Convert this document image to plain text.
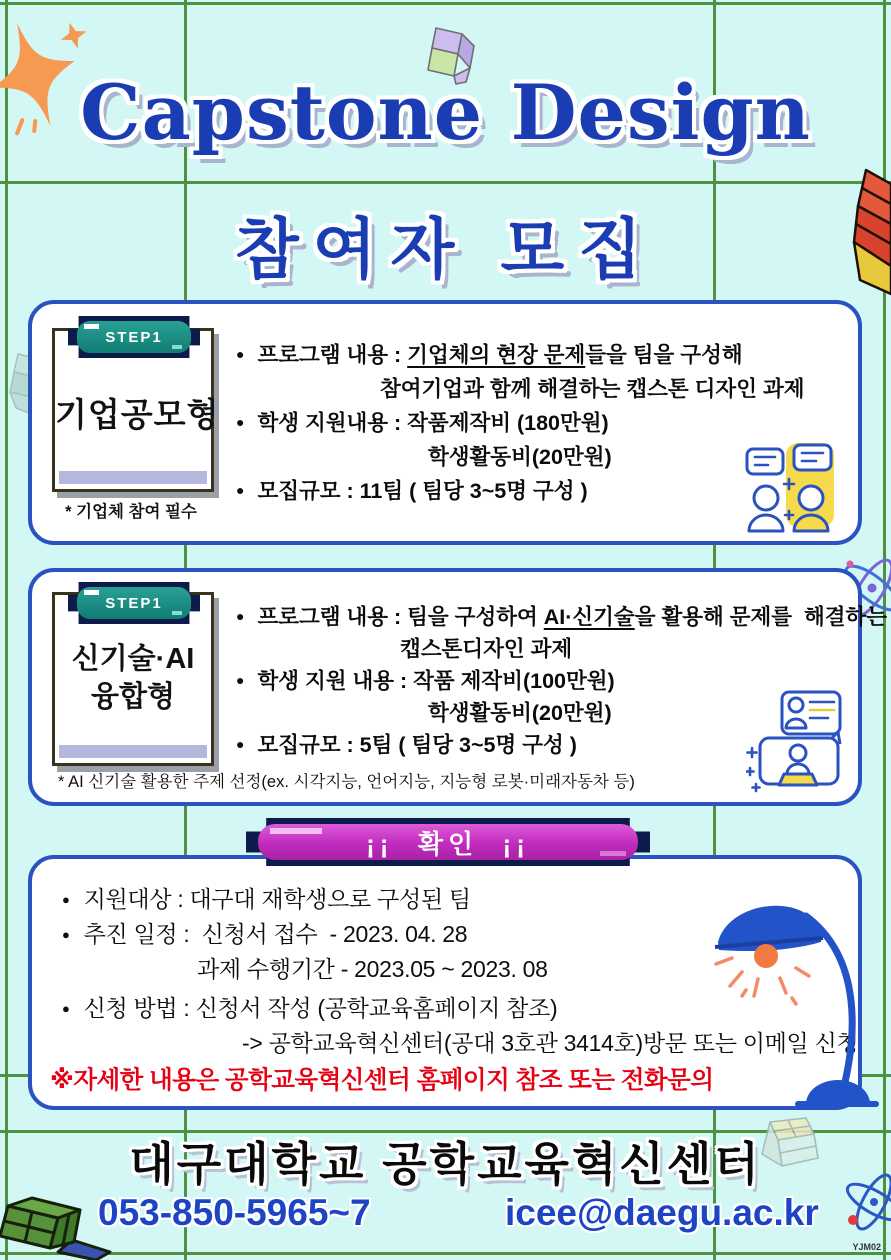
Capstone Design
참여자 모집
기업공모형
STEP1
* 기업체 참여 필수
● 프로그램 내용 : 기업체의 현장 문제들을 팀을 구성해
참여기업과 함께 해결하는 캡스톤 디자인 과제
● 학생 지원내용 : 작품제작비 (180만원)
학생활동비(20만원)
● 모집규모 : 11팀 ( 팀당 3~5명 구성 )
신기술·AI
융합형
STEP1
* AI 신기술 활용한 주제 선정(ex. 시각지능, 언어지능, 지능형 로봇·미래자동차 등)
● 프로그램 내용 : 팀을 구성하여 AI·신기술을 활용해 문제를  해결하는
캡스톤디자인 과제
● 학생 지원 내용 : 작품 제작비(100만원)
학생활동비(20만원)
● 모집규모 : 5팀 ( 팀당 3~5명 구성 )
¡¡  확인  ¡¡
● 지원대상 : 대구대 재학생으로 구성된 팀
● 추진 일정 :  신청서 접수  - 2023. 04. 28
과제 수행기간 - 2023.05 ~ 2023. 08
● 신청 방법 : 신청서 작성 (공학교육홈페이지 참조)
-> 공학교육혁신센터(공대 3호관 3414호)방문 또는 이메일 신청
※자세한 내용은 공학교육혁신센터 홈페이지 참조 또는 전화문의
대구대학교 공학교육혁신센터
053-850-5965~7	icee@daegu.ac.kr
YJM02
